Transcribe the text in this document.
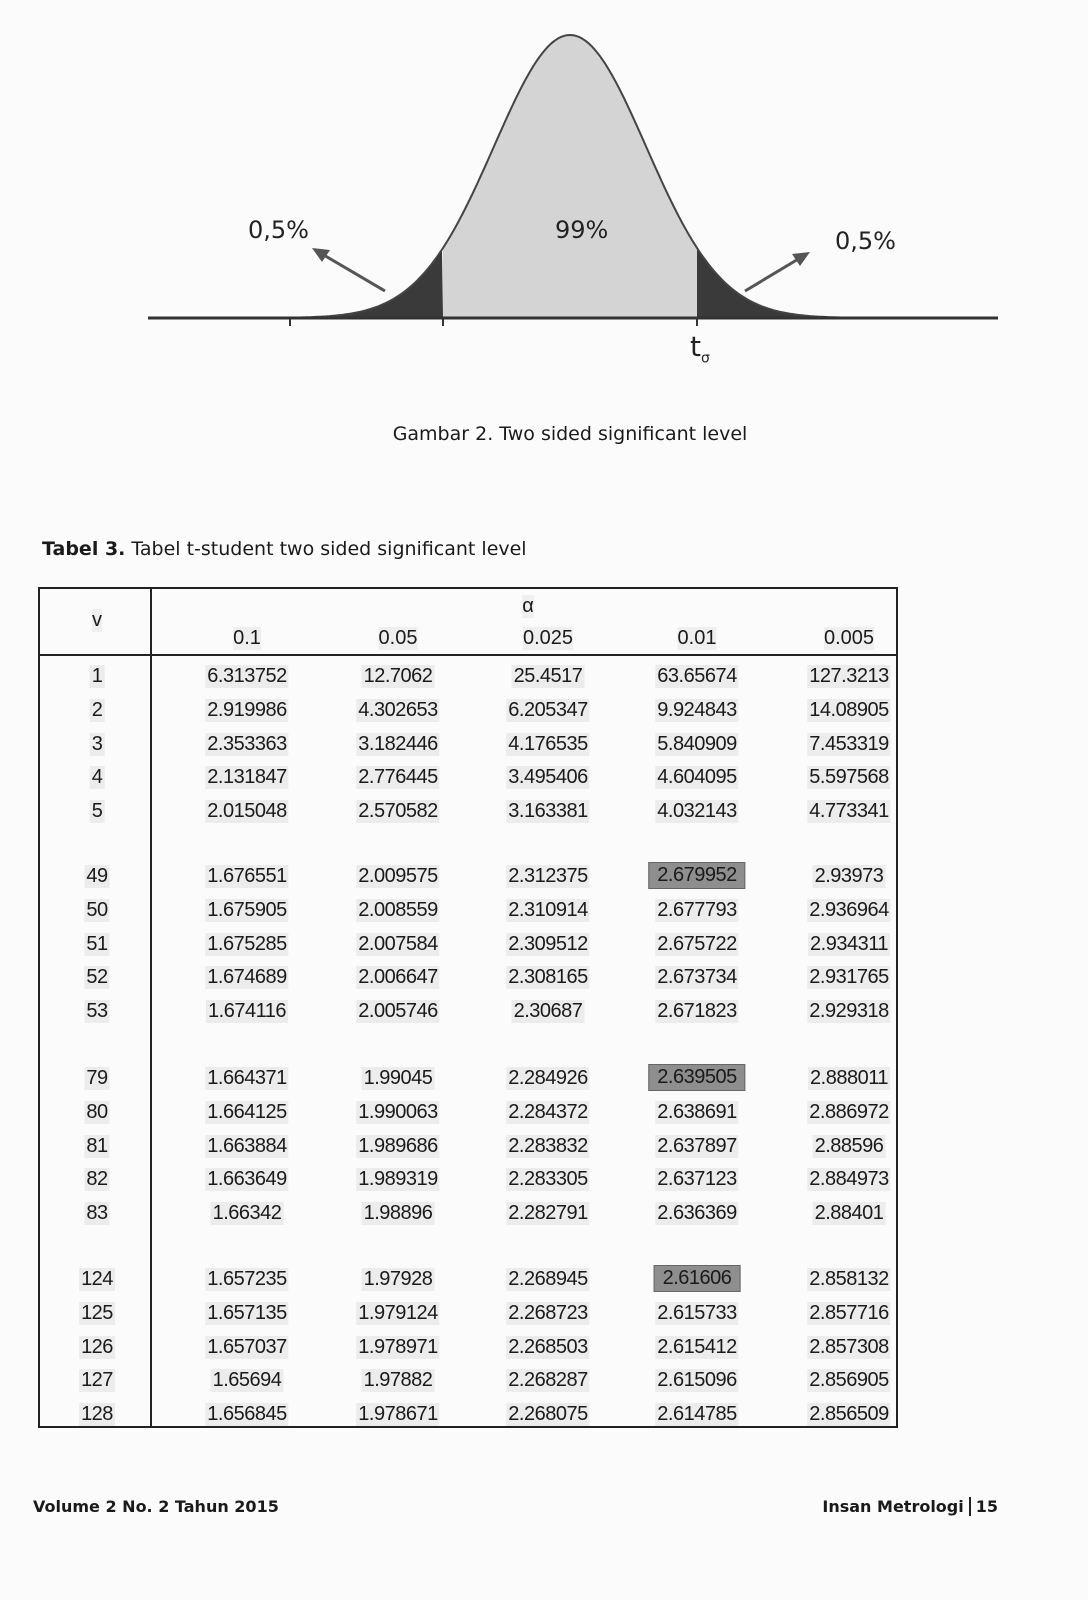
0,5%	99%	0,5%
$t_\sigma$
Gambar 2. Two sided significant level
Tabel 3. Tabel t-student two sided significant level
v
α
0.1	0.05	0.025	0.01	0.005
1	6.313752	12.7062	25.4517	63.65674	127.3213
2	2.919986	4.302653	6.205347	9.924843	14.08905
3	2.353363	3.182446	4.176535	5.840909	7.453319
4	2.131847	2.776445	3.495406	4.604095	5.597568
5	2.015048	2.570582	3.163381	4.032143	4.773341
49	1.676551	2.009575	2.312375	2.679952	2.93973
50	1.675905	2.008559	2.310914	2.677793	2.936964
51	1.675285	2.007584	2.309512	2.675722	2.934311
52	1.674689	2.006647	2.308165	2.673734	2.931765
53	1.674116	2.005746	2.30687	2.671823	2.929318
79	1.664371	1.99045	2.284926	2.639505	2.888011
80	1.664125	1.990063	2.284372	2.638691	2.886972
81	1.663884	1.989686	2.283832	2.637897	2.88596
82	1.663649	1.989319	2.283305	2.637123	2.884973
83	1.66342	1.98896	2.282791	2.636369	2.88401
124	1.657235	1.97928	2.268945	2.61606	2.858132
125	1.657135	1.979124	2.268723	2.615733	2.857716
126	1.657037	1.978971	2.268503	2.615412	2.857308
127	1.65694	1.97882	2.268287	2.615096	2.856905
128	1.656845	1.978671	2.268075	2.614785	2.856509
Volume 2 No. 2 Tahun 2015	Insan Metrologi 15
